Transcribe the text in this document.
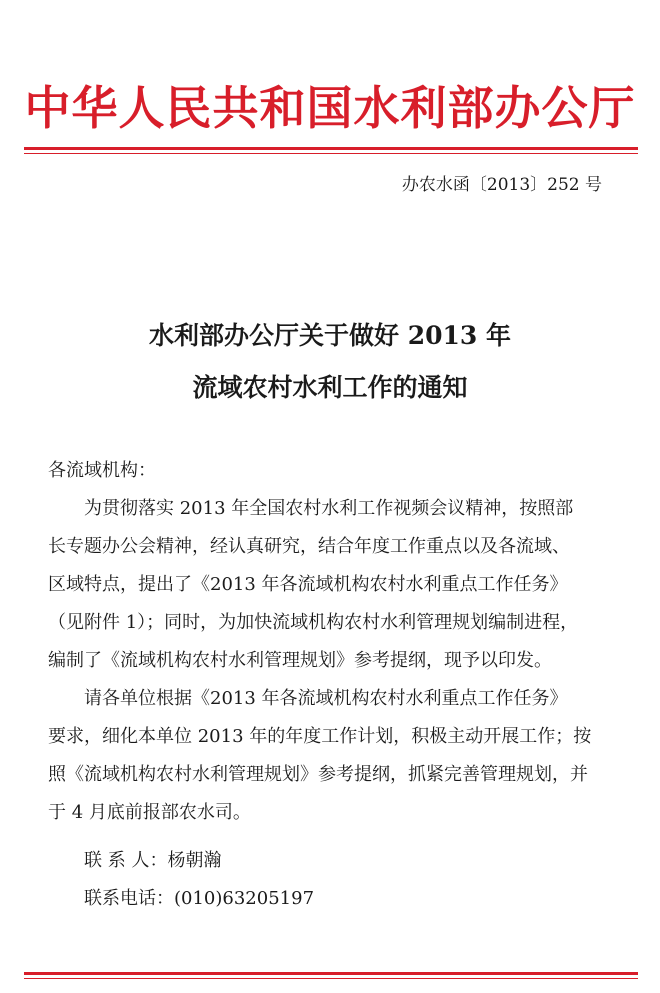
中华人民共和国水利部办公厅
办农水函〔2013〕252 号
水利部办公厅关于做好 2013 年
流域农村水利工作的通知
各流域机构：
为贯彻落实 2013 年全国农村水利工作视频会议精神，按照部
长专题办公会精神，经认真研究，结合年度工作重点以及各流域、
区域特点，提出了《2013 年各流域机构农村水利重点工作任务》
（见附件 1）；同时，为加快流域机构农村水利管理规划编制进程，
编制了《流域机构农村水利管理规划》参考提纲，现予以印发。
请各单位根据《2013 年各流域机构农村水利重点工作任务》
要求，细化本单位 2013 年的年度工作计划，积极主动开展工作；按
照《流域机构农村水利管理规划》参考提纲，抓紧完善管理规划，并
于 4 月底前报部农水司。
联 系 人：杨朝瀚
联系电话：(010)63205197
